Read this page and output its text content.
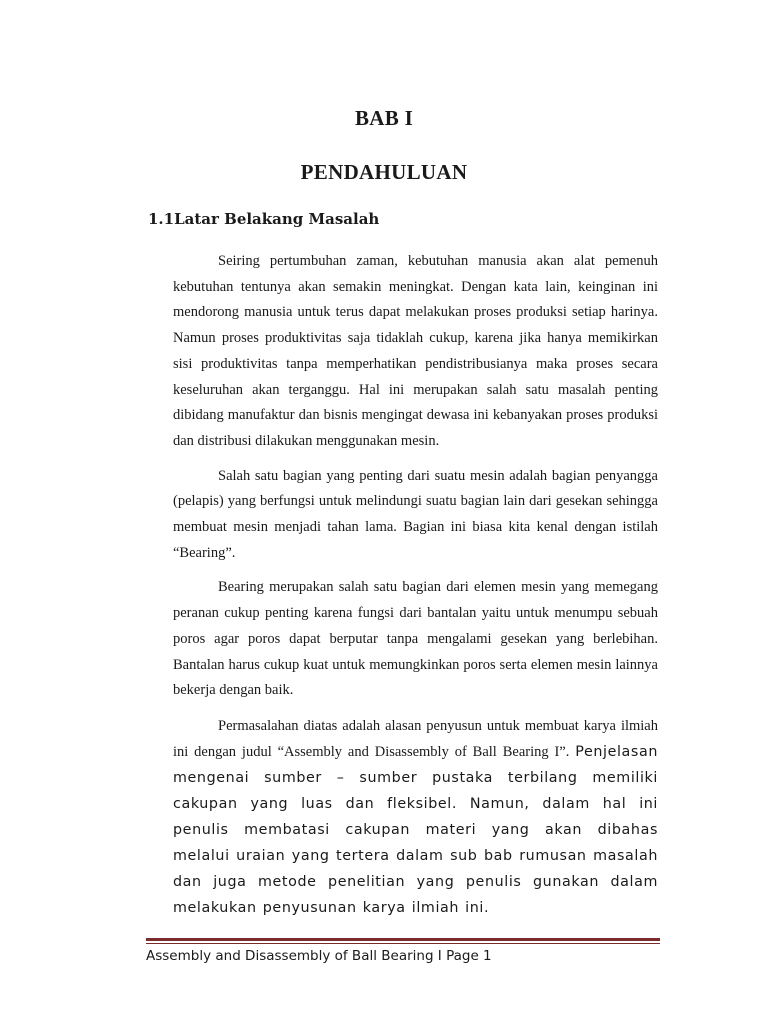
BAB I
PENDAHULUAN
1.1Latar Belakang Masalah

Seiring pertumbuhan zaman, kebutuhan manusia akan alat pemenuh kebutuhan tentunya akan semakin meningkat. Dengan kata lain, keinginan ini mendorong manusia untuk terus dapat melakukan proses produksi setiap harinya. Namun proses produktivitas saja tidaklah cukup, karena jika hanya memikirkan sisi produktivitas tanpa memperhatikan pendistribusianya maka proses secara keseluruhan akan terganggu. Hal ini merupakan salah satu masalah penting dibidang manufaktur dan bisnis mengingat dewasa ini kebanyakan proses produksi dan distribusi dilakukan menggunakan mesin.

Salah satu bagian yang penting dari suatu mesin adalah bagian penyangga (pelapis) yang berfungsi untuk melindungi suatu bagian lain dari gesekan sehingga membuat mesin menjadi tahan lama. Bagian ini biasa kita kenal dengan istilah “Bearing”.

Bearing merupakan salah satu bagian dari elemen mesin yang memegang peranan cukup penting karena fungsi dari bantalan yaitu untuk menumpu sebuah poros agar poros dapat berputar tanpa mengalami gesekan yang berlebihan. Bantalan harus cukup kuat untuk memungkinkan poros serta elemen mesin lainnya bekerja dengan baik.

Permasalahan diatas adalah alasan penyusun untuk membuat karya ilmiah ini dengan judul “Assembly and Disassembly of Ball Bearing I”. Penjelasan mengenai sumber – sumber pustaka terbilang memiliki cakupan yang luas dan fleksibel. Namun, dalam hal ini penulis membatasi cakupan materi yang akan dibahas melalui uraian yang tertera dalam sub bab rumusan masalah dan juga metode penelitian yang penulis gunakan dalam melakukan penyusunan karya ilmiah ini.

Assembly and Disassembly of Ball Bearing I Page 1
